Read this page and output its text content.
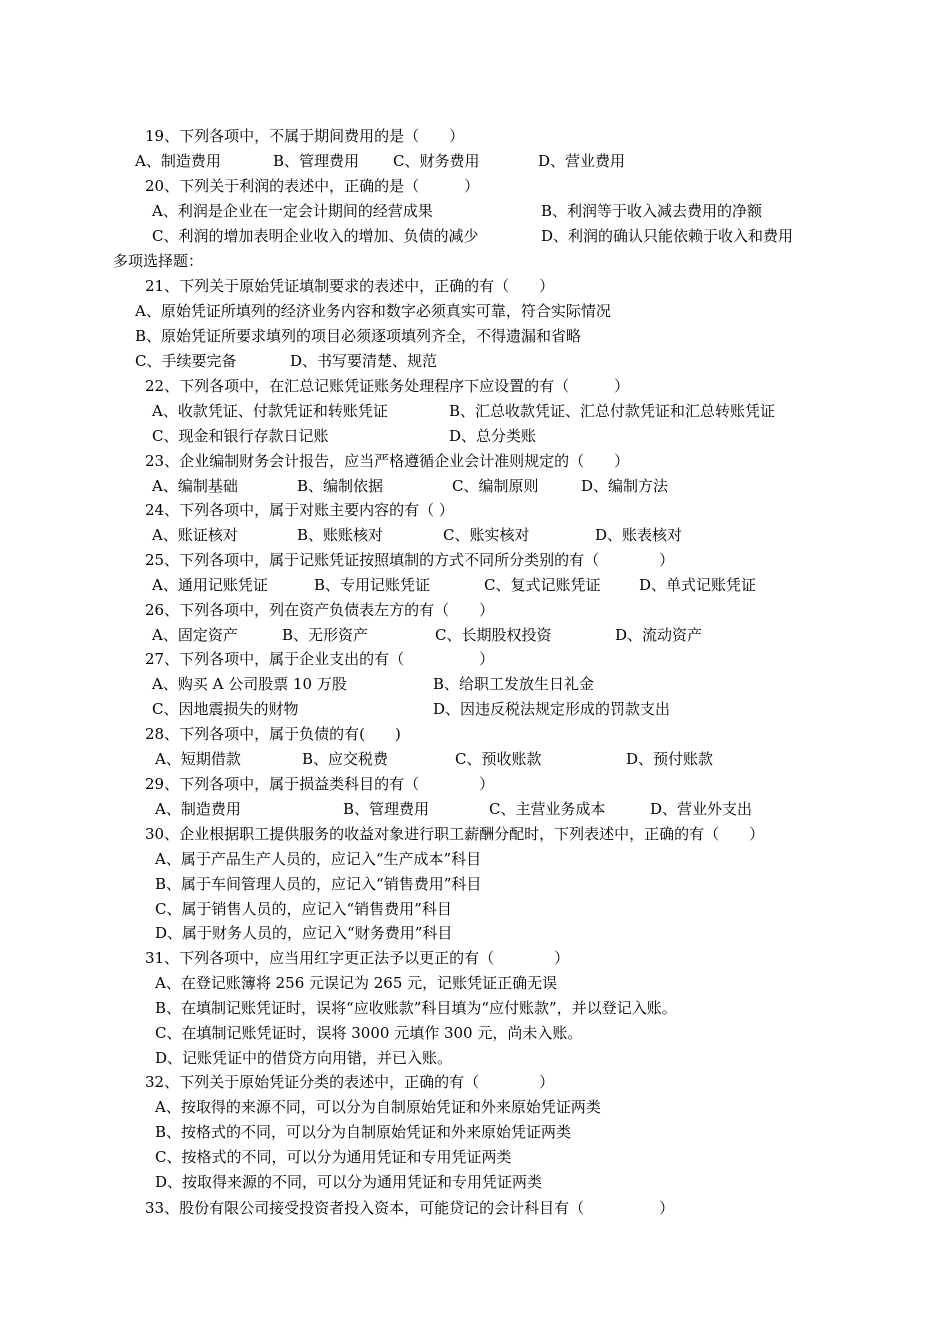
19、下列各项中，不属于期间费用的是（　　）
A、制造费用	B、管理费用 C、财务费用	D、营业费用
20、下列关于利润的表述中，正确的是（　　　）
A、利润是企业在一定会计期间的经营成果	B、利润等于收入减去费用的净额
C、利润的增加表明企业收入的增加、负债的减少	D、利润的确认只能依赖于收入和费用
多项选择题：
21、下列关于原始凭证填制要求的表述中，正确的有（　　）
A、原始凭证所填列的经济业务内容和数字必须真实可靠，符合实际情况
B、原始凭证所要求填列的项目必须逐项填列齐全，不得遗漏和省略
C、手续要完备	D、书写要清楚、规范
22、下列各项中，在汇总记账凭证账务处理程序下应设置的有（　　　）
A、收款凭证、付款凭证和转账凭证	B、汇总收款凭证、汇总付款凭证和汇总转账凭证
C、现金和银行存款日记账	D、总分类账
23、企业编制财务会计报告，应当严格遵循企业会计准则规定的（　　）
A、编制基础	B、编制依据	C、编制原则	D、编制方法
24、下列各项中，属于对账主要内容的有（ ）
A、账证核对	B、账账核对	C、账实核对	D、账表核对
25、下列各项中，属于记账凭证按照填制的方式不同所分类别的有（　　　　）
A、通用记账凭证	B、专用记账凭证	C、复式记账凭证	D、单式记账凭证
26、下列各项中，列在资产负债表左方的有（　　）
A、固定资产	B、无形资产	C、长期股权投资	D、流动资产
27、下列各项中，属于企业支出的有（　　　　　）
A、购买 A 公司股票 10 万股	B、给职工发放生日礼金
C、因地震损失的财物	D、因违反税法规定形成的罚款支出
28、下列各项中，属于负债的有(　　)
A、短期借款	B、应交税费	C、预收账款	D、预付账款
29、下列各项中，属于损益类科目的有（　　　　）
A、制造费用	B、管理费用	C、主营业务成本	D、营业外支出
30、企业根据职工提供服务的收益对象进行职工薪酬分配时，下列表述中，正确的有（　　）
A、属于产品生产人员的，应记入“生产成本”科目
B、属于车间管理人员的，应记入“销售费用”科目
C、属于销售人员的，应记入“销售费用”科目
D、属于财务人员的，应记入“财务费用”科目
31、下列各项中，应当用红字更正法予以更正的有（　　　　）
A、在登记账簿将 256 元误记为 265 元，记账凭证正确无误
B、在填制记账凭证时，误将“应收账款”科目填为“应付账款”，并以登记入账。
C、在填制记账凭证时，误将 3000 元填作 300 元，尚未入账。
D、记账凭证中的借贷方向用错，并已入账。
32、下列关于原始凭证分类的表述中，正确的有（　　　　）
A、按取得的来源不同，可以分为自制原始凭证和外来原始凭证两类
B、按格式的不同，可以分为自制原始凭证和外来原始凭证两类
C、按格式的不同，可以分为通用凭证和专用凭证两类
D、按取得来源的不同，可以分为通用凭证和专用凭证两类
33、股份有限公司接受投资者投入资本，可能贷记的会计科目有（　　　　　）
